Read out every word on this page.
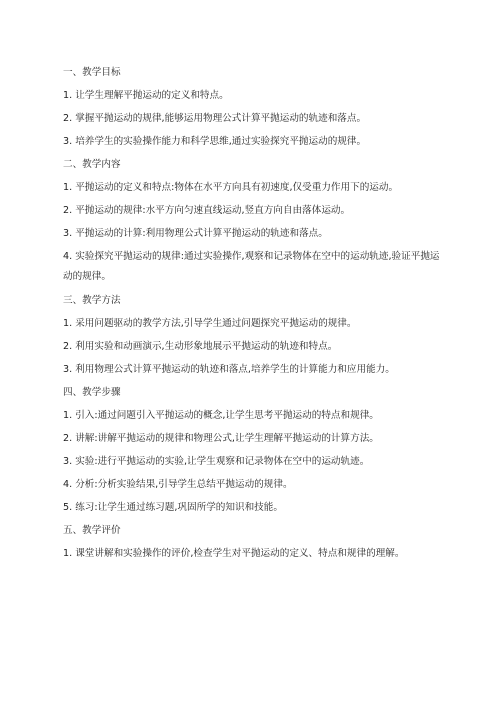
一、教学目标

1. 让学生理解平抛运动的定义和特点。

2. 掌握平抛运动的规律,能够运用物理公式计算平抛运动的轨迹和落点。

3. 培养学生的实验操作能力和科学思维,通过实验探究平抛运动的规律。

二、教学内容

1. 平抛运动的定义和特点:物体在水平方向具有初速度,仅受重力作用下的运动。

2. 平抛运动的规律:水平方向匀速直线运动,竖直方向自由落体运动。

3. 平抛运动的计算:利用物理公式计算平抛运动的轨迹和落点。

4. 实验探究平抛运动的规律:通过实验操作,观察和记录物体在空中的运动轨迹,验证平抛运动的规律。

三、教学方法

1. 采用问题驱动的教学方法,引导学生通过问题探究平抛运动的规律。

2. 利用实验和动画演示,生动形象地展示平抛运动的轨迹和特点。

3. 利用物理公式计算平抛运动的轨迹和落点,培养学生的计算能力和应用能力。

四、教学步骤

1. 引入:通过问题引入平抛运动的概念,让学生思考平抛运动的特点和规律。

2. 讲解:讲解平抛运动的规律和物理公式,让学生理解平抛运动的计算方法。

3. 实验:进行平抛运动的实验,让学生观察和记录物体在空中的运动轨迹。

4. 分析:分析实验结果,引导学生总结平抛运动的规律。

5. 练习:让学生通过练习题,巩固所学的知识和技能。

五、教学评价

1. 课堂讲解和实验操作的评价,检查学生对平抛运动的定义、特点和规律的理解。
